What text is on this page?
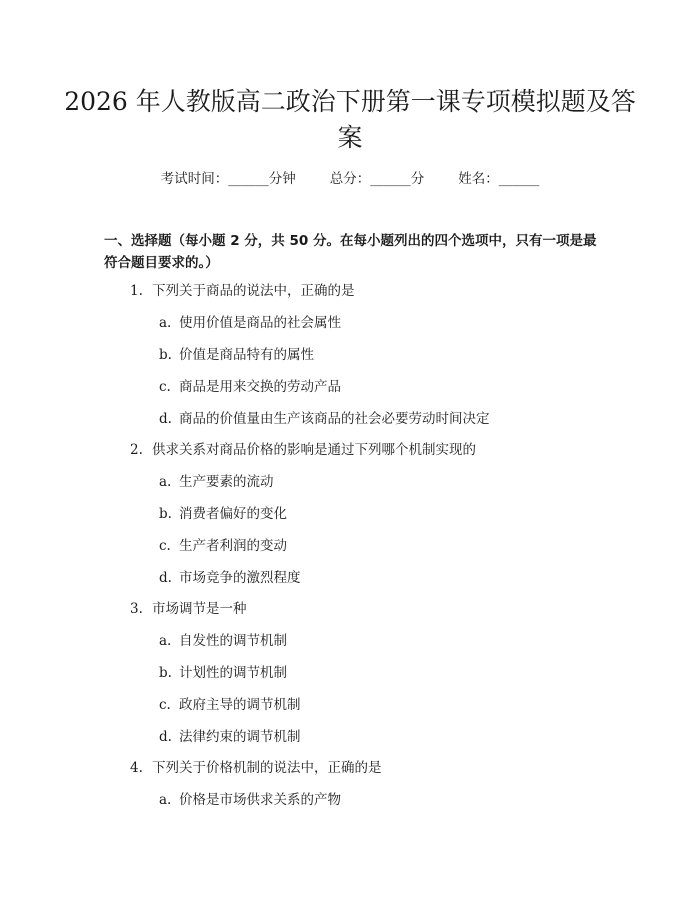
2026 年人教版高二政治下册第一课专项模拟题及答案
考试时间：______分钟	总分：______分	姓名：______

一、选择题（每小题 2 分，共 50 分。在每小题列出的四个选项中，只有一项是最符合题目要求的。）

1. 下列关于商品的说法中，正确的是
a. 使用价值是商品的社会属性
b. 价值是商品特有的属性
c. 商品是用来交换的劳动产品
d. 商品的价值量由生产该商品的社会必要劳动时间决定
2. 供求关系对商品价格的影响是通过下列哪个机制实现的
a. 生产要素的流动
b. 消费者偏好的变化
c. 生产者利润的变动
d. 市场竞争的激烈程度
3. 市场调节是一种
a. 自发性的调节机制
b. 计划性的调节机制
c. 政府主导的调节机制
d. 法律约束的调节机制
4. 下列关于价格机制的说法中，正确的是
a. 价格是市场供求关系的产物
